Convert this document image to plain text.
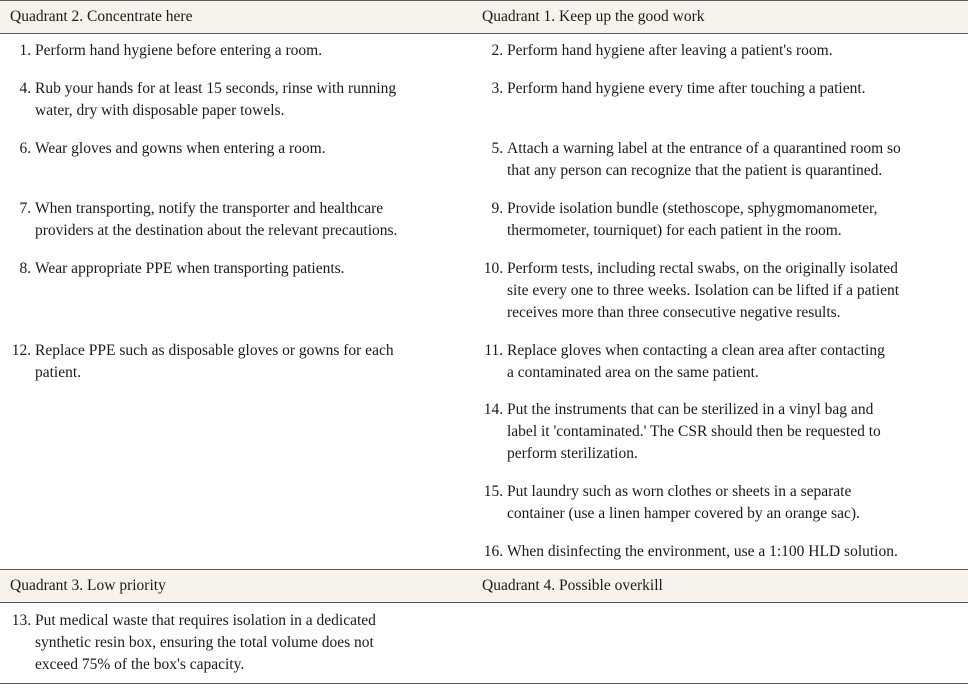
Quadrant 2. Concentrate here	Quadrant 1. Keep up the good work
1. Perform hand hygiene before entering a room.
4. Rub your hands for at least 15 seconds, rinse with running
water, dry with disposable paper towels.
6. Wear gloves and gowns when entering a room.
7. When transporting, notify the transporter and healthcare
providers at the destination about the relevant precautions.
8. Wear appropriate PPE when transporting patients.
12. Replace PPE such as disposable gloves or gowns for each
patient.
2. Perform hand hygiene after leaving a patient's room.
3. Perform hand hygiene every time after touching a patient.
5. Attach a warning label at the entrance of a quarantined room so
that any person can recognize that the patient is quarantined.
9. Provide isolation bundle (stethoscope, sphygmomanometer,
thermometer, tourniquet) for each patient in the room.
10. Perform tests, including rectal swabs, on the originally isolated
site every one to three weeks. Isolation can be lifted if a patient
receives more than three consecutive negative results.
11. Replace gloves when contacting a clean area after contacting
a contaminated area on the same patient.
14. Put the instruments that can be sterilized in a vinyl bag and
label it 'contaminated.' The CSR should then be requested to
perform sterilization.
15. Put laundry such as worn clothes or sheets in a separate
container (use a linen hamper covered by an orange sac).
16. When disinfecting the environment, use a 1:100 HLD solution.
Quadrant 3. Low priority	Quadrant 4. Possible overkill
13. Put medical waste that requires isolation in a dedicated
synthetic resin box, ensuring the total volume does not
exceed 75% of the box's capacity.
